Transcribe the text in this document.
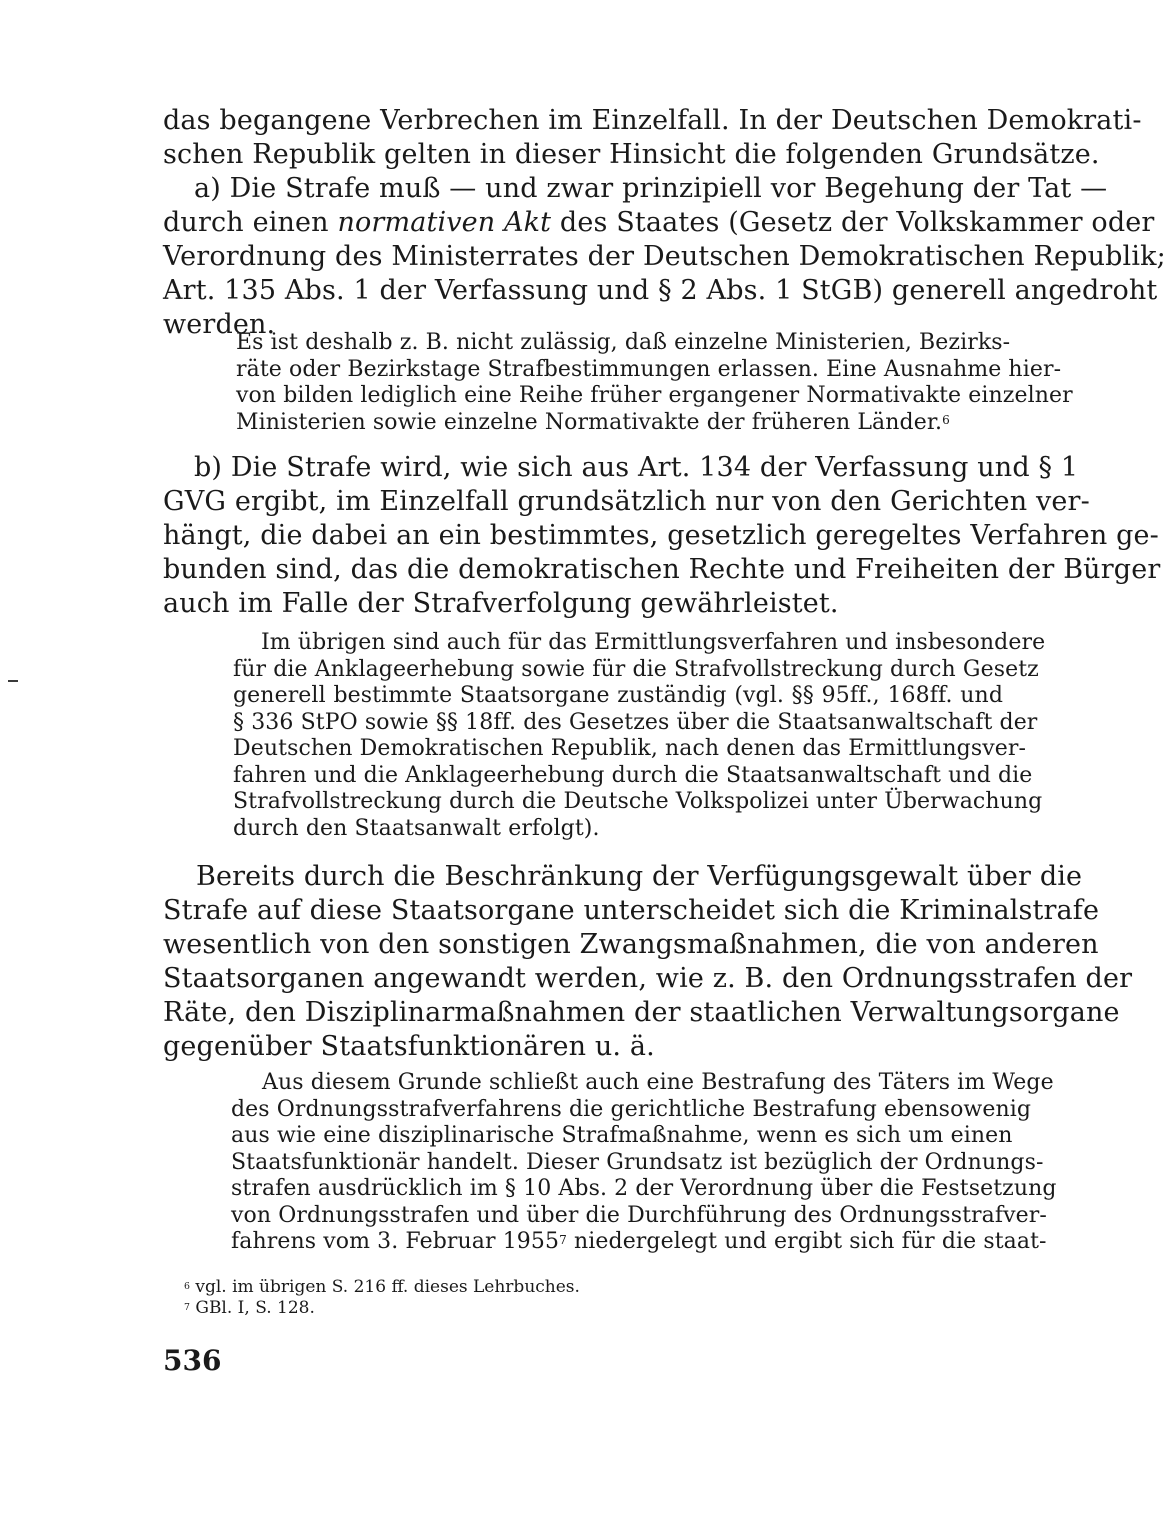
das begangene Verbrechen im Einzelfall. In der Deutschen Demokrati-
schen Republik gelten in dieser Hinsicht die folgenden Grundsätze.
a) Die Strafe muß — und zwar prinzipiell vor Begehung der Tat —
durch einen normativen Akt des Staates (Gesetz der Volkskammer oder
Verordnung des Ministerrates der Deutschen Demokratischen Republik;
Art. 135 Abs. 1 der Verfassung und § 2 Abs. 1 StGB) generell angedroht
werden.
Es ist deshalb z. B. nicht zulässig, daß einzelne Ministerien, Bezirks-
räte oder Bezirkstage Strafbestimmungen erlassen. Eine Ausnahme hier-
von bilden lediglich eine Reihe früher ergangener Normativakte einzelner
Ministerien sowie einzelne Normativakte der früheren Länder.$^6$
b) Die Strafe wird, wie sich aus Art. 134 der Verfassung und § 1
GVG ergibt, im Einzelfall grundsätzlich nur von den Gerichten ver-
hängt, die dabei an ein bestimmtes, gesetzlich geregeltes Verfahren ge-
bunden sind, das die demokratischen Rechte und Freiheiten der Bürger
auch im Falle der Strafverfolgung gewährleistet.
Im übrigen sind auch für das Ermittlungsverfahren und insbesondere
für die Anklageerhebung sowie für die Strafvollstreckung durch Gesetz
generell bestimmte Staatsorgane zuständig (vgl. §§ 95ff., 168ff. und
§ 336 StPO sowie §§ 18ff. des Gesetzes über die Staatsanwaltschaft der
Deutschen Demokratischen Republik, nach denen das Ermittlungsver-
fahren und die Anklageerhebung durch die Staatsanwaltschaft und die
Strafvollstreckung durch die Deutsche Volkspolizei unter Überwachung
durch den Staatsanwalt erfolgt).
Bereits durch die Beschränkung der Verfügungsgewalt über die
Strafe auf diese Staatsorgane unterscheidet sich die Kriminalstrafe
wesentlich von den sonstigen Zwangsmaßnahmen, die von anderen
Staatsorganen angewandt werden, wie z. B. den Ordnungsstrafen der
Räte, den Disziplinarmaßnahmen der staatlichen Verwaltungsorgane
gegenüber Staatsfunktionären u. ä.
Aus diesem Grunde schließt auch eine Bestrafung des Täters im Wege
des Ordnungsstrafverfahrens die gerichtliche Bestrafung ebensowenig
aus wie eine disziplinarische Strafmaßnahme, wenn es sich um einen
Staatsfunktionär handelt. Dieser Grundsatz ist bezüglich der Ordnungs-
strafen ausdrücklich im § 10 Abs. 2 der Verordnung über die Festsetzung
von Ordnungsstrafen und über die Durchführung des Ordnungsstrafver-
fahrens vom 3. Februar 1955$^7$ niedergelegt und ergibt sich für die staat-
$^6$ vgl. im übrigen S. 216 ff. dieses Lehrbuches.
$^7$ GBl. I, S. 128.
536
